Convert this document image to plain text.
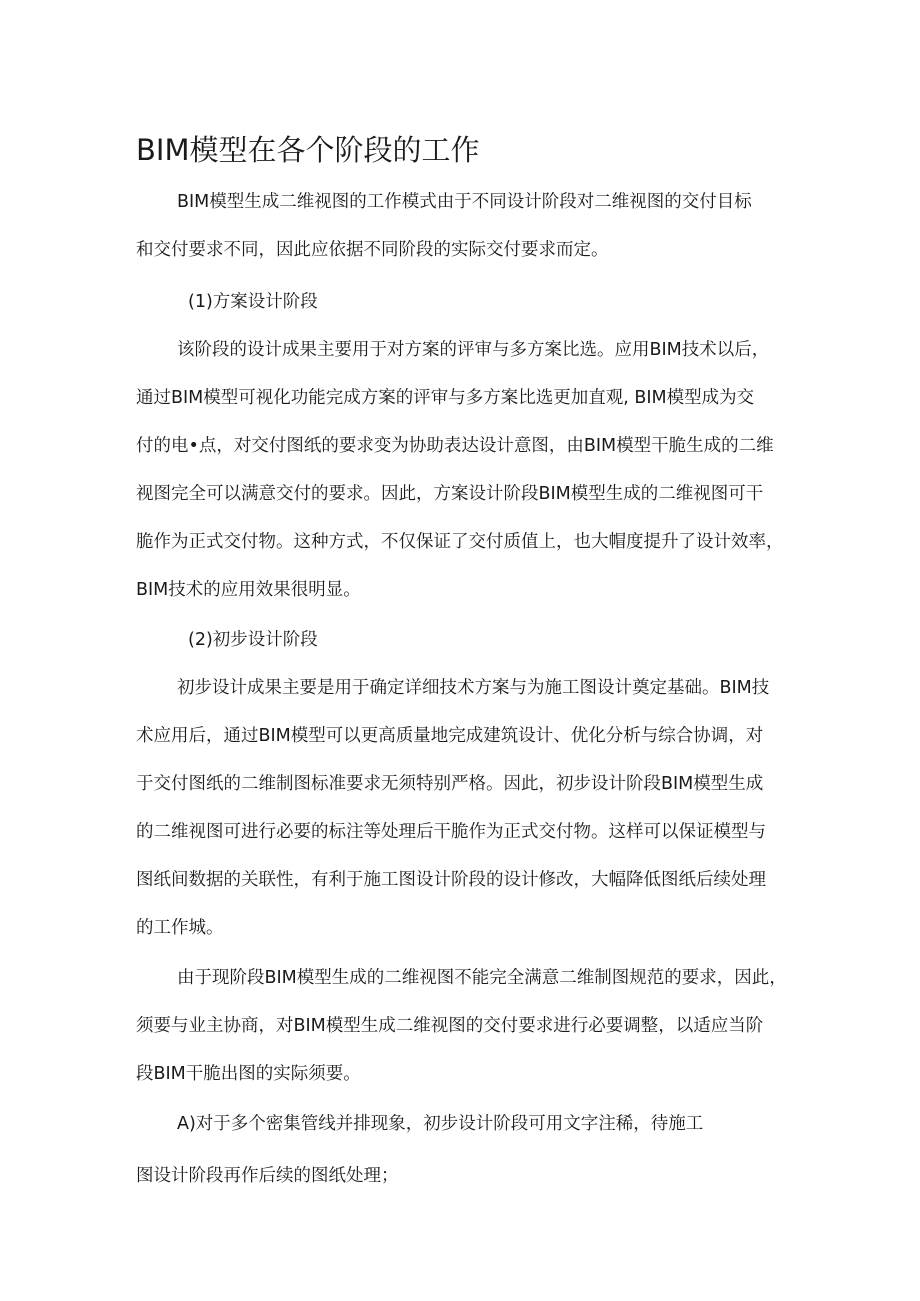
BIM模型在各个阶段的工作

BIM模型生成二维视图的工作模式由于不同设计阶段对二维视图的交付目标

和交付要求不同，因此应依据不同阶段的实际交付要求而定。

(1)方案设计阶段

该阶段的设计成果主要用于对方案的评审与多方案比选。应用BIM技术以后，

通过BIM模型可视化功能完成方案的评审与多方案比选更加直观, BIM模型成为交

付的电•点，对交付图纸的要求变为协助表达设计意图，由BIM模型干脆生成的二维

视图完全可以满意交付的要求。因此，方案设计阶段BIM模型生成的二维视图可干

脆作为正式交付物。这种方式，不仅保证了交付质值上，也大帽度提升了设计效率，

BIM技术的应用效果很明显。

(2)初步设计阶段

初步设计成果主要是用于确定详细技术方案与为施工图设计奠定基础。BIM技

术应用后，通过BIM模型可以更高质量地完成建筑设计、优化分析与综合协调，对

于交付图纸的二维制图标准要求无须特别严格。因此，初步设计阶段BIM模型生成

的二维视图可进行必要的标注等处理后干脆作为正式交付物。这样可以保证模型与

图纸间数据的关联性，有利于施工图设计阶段的设计修改，大幅降低图纸后续处理

的工作城。

由于现阶段BIM模型生成的二维视图不能完全满意二维制图规范的要求，因此，

须要与业主协商，对BIM模型生成二维视图的交付要求进行必要调整，以适应当阶

段BIM干脆出图的实际须要。

A)对于多个密集管线并排现象，初步设计阶段可用文字注稀，待施工

图设计阶段再作后续的图纸处理；
